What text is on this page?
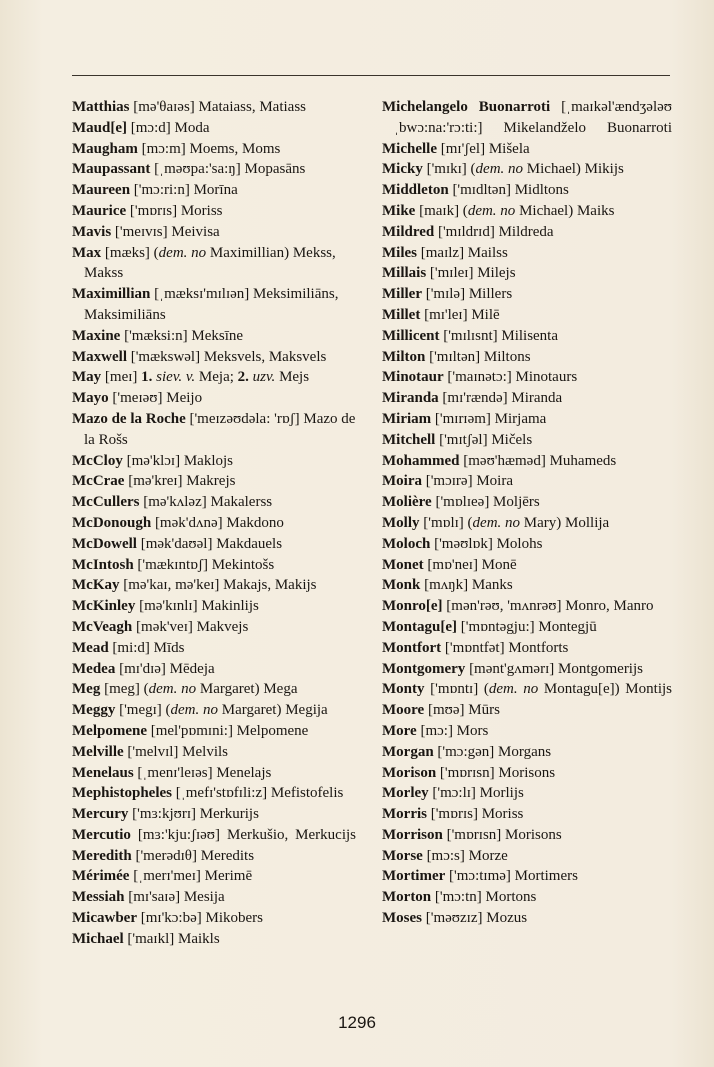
Matthias [mə'θaɪəs] Mataiass, Matiass

Maud[e] [mɔ:d] Moda

Maugham [mɔ:m] Moems, Moms

Maupassant [ˌməʊpa:'sa:ŋ] Mopasāns

Maureen ['mɔ:ri:n] Morīna

Maurice ['mɒrɪs] Moriss

Mavis ['meɪvɪs] Meivisa

Max [mæks] (dem. no Maximillian) Mekss, Makss

Maximillian [ˌmæksɪ'mɪlɪən] Meksimiliāns, Maksimiliāns

Maxine ['mæksi:n] Meksīne

Maxwell ['mækswəl] Meksvels, Maksvels

May [meɪ] 1. siev. v. Meja; 2. uzv. Mejs

Mayo ['meɪəʊ] Meijo

Mazo de la Roche ['meɪzəʊdəla: 'rɒʃ] Mazo de la Rošs

McCloy [mə'klɔɪ] Maklojs

McCrae [mə'kreɪ] Makrejs

McCullers [mə'kʌləz] Makalerss

McDonough [mək'dʌnə] Makdono

McDowell [mək'daʊəl] Makdauels

McIntosh ['mækɪntɒʃ] Mekintošs

McKay [mə'kaɪ, mə'keɪ] Makajs, Makijs

McKinley [mə'kɪnlɪ] Makinlijs

McVeagh [mək'veɪ] Makvejs

Mead [mi:d] Mīds

Medea [mɪ'dɪə] Mēdeja

Meg [meg] (dem. no Margaret) Mega

Meggy ['megɪ] (dem. no Margaret) Megija

Melpomene [mel'pɒmɪni:] Melpomene

Melville ['melvɪl] Melvils

Menelaus [ˌmenɪ'leɪəs] Menelajs

Mephistopheles [ˌmefɪ'stɒfɪli:z] Mefistofelis

Mercury ['mɜ:kjʊrɪ] Merkurijs

Mercutio [mɜ:'kju:ʃɪəʊ] Merkušio, Merkucijs

Meredith ['merədɪθ] Meredits

Mérimée [ˌmerɪ'meɪ] Merimē

Messiah [mɪ'saɪə] Mesija

Micawber [mɪ'kɔ:bə] Mikobers

Michael ['maɪkl] Maikls

Michelangelo Buonarroti [ˌmaɪkəl'ændʒələʊˌbwɔ:na:'rɔ:ti:] Mikelandželo Buonarroti

Michelle [mɪ'ʃel] Mišela

Micky ['mɪkɪ] (dem. no Michael) Mikijs

Middleton ['mɪdltən] Midltons

Mike [maɪk] (dem. no Michael) Maiks

Mildred ['mɪldrɪd] Mildreda

Miles [maɪlz] Mailss

Millais ['mɪleɪ] Milejs

Miller ['mɪlə] Millers

Millet [mɪ'leɪ] Milē

Millicent ['mɪlɪsnt] Milisenta

Milton ['mɪltən] Miltons

Minotaur ['maɪnətɔ:] Minotaurs

Miranda [mɪ'rændə] Miranda

Miriam ['mɪrɪəm] Mirjama

Mitchell ['mɪtʃəl] Mičels

Mohammed [məʊ'hæməd] Muhameds

Moira ['mɔɪrə] Moira

Molière ['mɒlɪeə] Moljērs

Molly ['mɒlɪ] (dem. no Mary) Mollija

Moloch ['məʊlɒk] Molohs

Monet [mɒ'neɪ] Monē

Monk [mʌŋk] Manks

Monro[e] [mən'rəʊ, 'mʌnrəʊ] Monro, Manro

Montagu[e] ['mɒntəgju:] Montegjū

Montfort ['mɒntfət] Montforts

Montgomery [mənt'gʌmərɪ] Montgomerijs

Monty ['mɒntɪ] (dem. no Montagu[e]) Montijs

Moore [mʊə] Mūrs

More [mɔ:] Mors

Morgan ['mɔ:gən] Morgans

Morison ['mɒrɪsn] Morisons

Morley ['mɔ:lɪ] Morlijs

Morris ['mɒrɪs] Moriss

Morrison ['mɒrɪsn] Morisons

Morse [mɔ:s] Morze

Mortimer ['mɔ:tɪmə] Mortimers

Morton ['mɔ:tn] Mortons

Moses ['məʊzɪz] Mozus

1296
